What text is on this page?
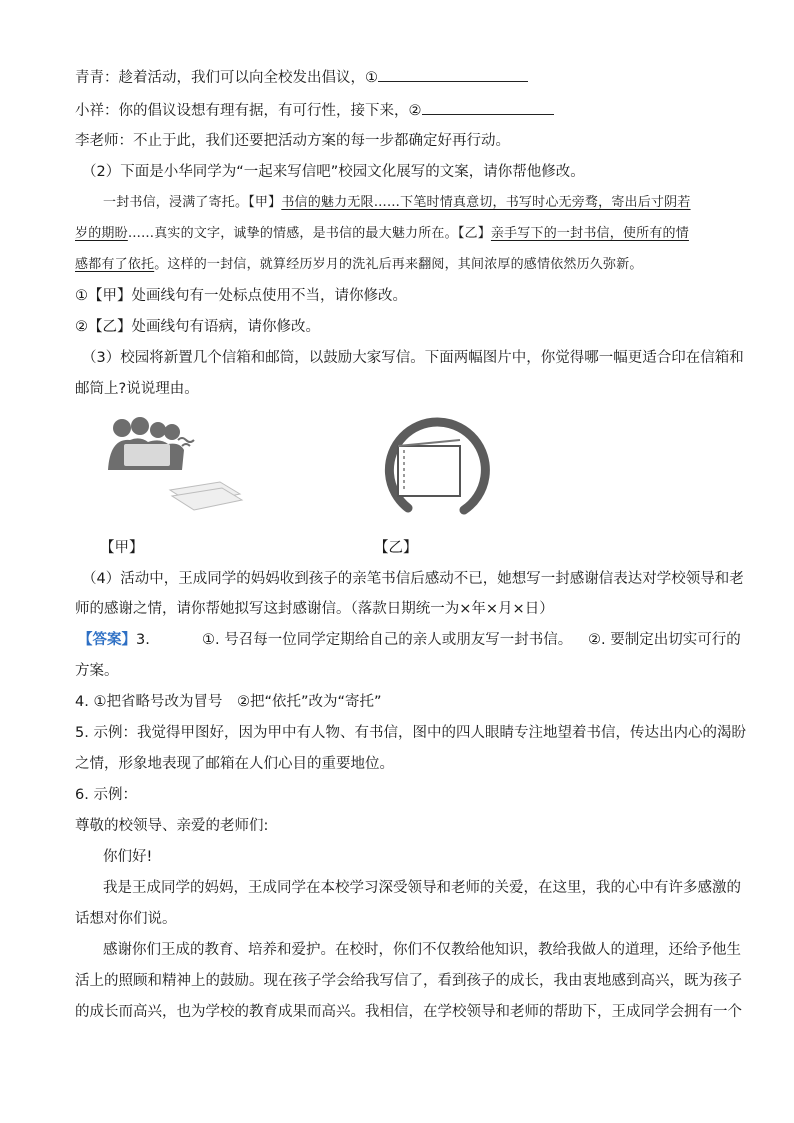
青青：趁着活动，我们可以向全校发出倡议，①
小祥：你的倡议设想有理有据，有可行性，接下来，②
李老师：不止于此，我们还要把活动方案的每一步都确定好再行动。
（2）下面是小华同学为“一起来写信吧”校园文化展写的文案，请你帮他修改。
一封书信，浸满了寄托。【甲】书信的魅力无限……下笔时情真意切，书写时心无旁骛，寄出后寸阴若
岁的期盼……真实的文字，诚挚的情感，是书信的最大魅力所在。【乙】亲手写下的一封书信，使所有的情
感都有了依托。这样的一封信，就算经历岁月的洗礼后再来翻阅，其间浓厚的感情依然历久弥新。
①【甲】处画线句有一处标点使用不当，请你修改。
②【乙】处画线句有语病，请你修改。
（3）校园将新置几个信箱和邮筒，以鼓励大家写信。下面两幅图片中，你觉得哪一幅更适合印在信箱和
邮筒上?说说理由。
【甲】	【乙】
（4）活动中，王成同学的妈妈收到孩子的亲笔书信后感动不已，她想写一封感谢信表达对学校领导和老
师的感谢之情，请你帮她拟写这封感谢信。（落款日期统一为×年×月×日）
【答案】3.	①. 号召每一位同学定期给自己的亲人或朋友写一封书信。 ②. 要制定出切实可行的
方案。
4. ①把省略号改为冒号　②把“依托”改为“寄托”
5. 示例：我觉得甲图好，因为甲中有人物、有书信，图中的四人眼睛专注地望着书信，传达出内心的渴盼
之情，形象地表现了邮箱在人们心目的重要地位。
6. 示例：
尊敬的校领导、亲爱的老师们:
你们好!
我是王成同学的妈妈，王成同学在本校学习深受领导和老师的关爱，在这里，我的心中有许多感激的
话想对你们说。
感谢你们王成的教育、培养和爱护。在校时，你们不仅教给他知识，教给我做人的道理，还给予他生
活上的照顾和精神上的鼓励。现在孩子学会给我写信了，看到孩子的成长，我由衷地感到高兴，既为孩子
的成长而高兴，也为学校的教育成果而高兴。我相信，在学校领导和老师的帮助下，王成同学会拥有一个
